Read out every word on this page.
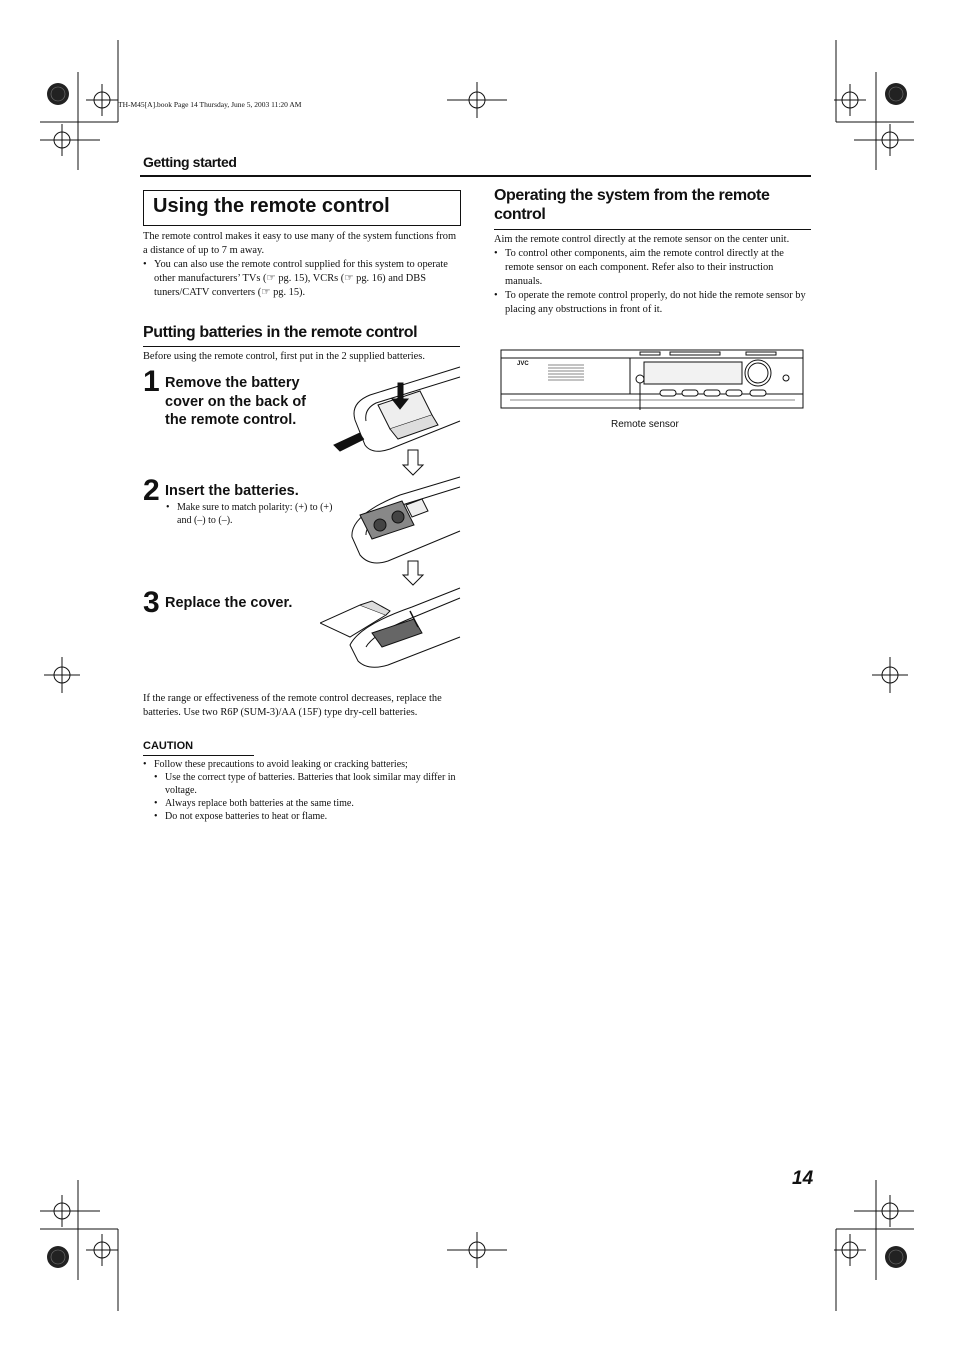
TH-M45[A].book Page 14 Thursday, June 5, 2003 11:20 AM
Getting started
Using the remote control
The remote control makes it easy to use many of the system functions from a distance of up to 7 m away.
• You can also use the remote control supplied for this system to operate other manufacturers’ TVs (☞ pg. 15), VCRs (☞ pg. 16) and DBS tuners/CATV converters (☞ pg. 15).
Putting batteries in the remote control
Before using the remote control, first put in the 2 supplied batteries.
1 Remove the battery cover on the back of the remote control.
2 Insert the batteries.
• Make sure to match polarity: (+) to (+) and (–) to (–).
3 Replace the cover.
If the range or effectiveness of the remote control decreases, replace the batteries. Use two R6P (SUM-3)/AA (15F) type dry-cell batteries.
CAUTION
• Follow these precautions to avoid leaking or cracking batteries;
• Use the correct type of batteries. Batteries that look similar may differ in voltage.
• Always replace both batteries at the same time.
• Do not expose batteries to heat or flame.
Operating the system from the remote control
Aim the remote control directly at the remote sensor on the center unit.
• To control other components, aim the remote control directly at the remote sensor on each component. Refer also to their instruction manuals.
• To operate the remote control properly, do not hide the remote sensor by placing any obstructions in front of it.
JVC
Remote sensor
14
